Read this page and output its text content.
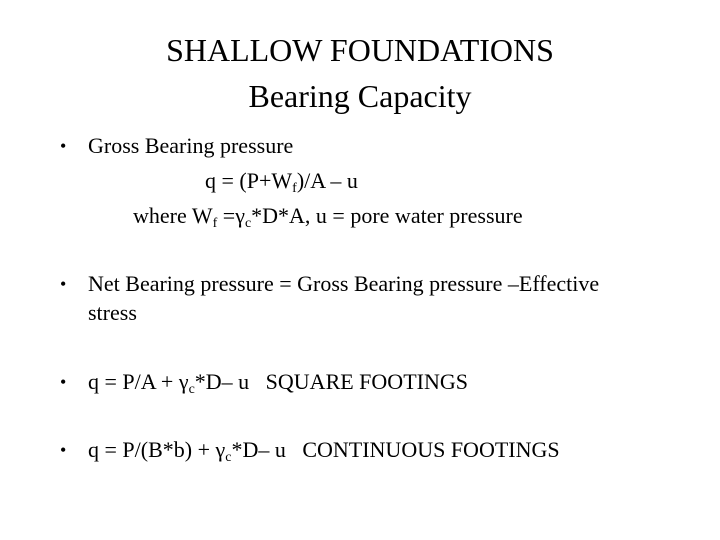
SHALLOW FOUNDATIONS
Bearing Capacity
• Gross Bearing pressure
$q = (P+W_f)/A - u$
where $W_f =\gamma_c*D*A$, u = pore water pressure
• Net Bearing pressure = Gross Bearing pressure –Effective
stress
• $q = P/A + \gamma_c*D-$ u   SQUARE FOOTINGS
• $q = P/(B*b) + \gamma_c*D-$ u   CONTINUOUS FOOTINGS
